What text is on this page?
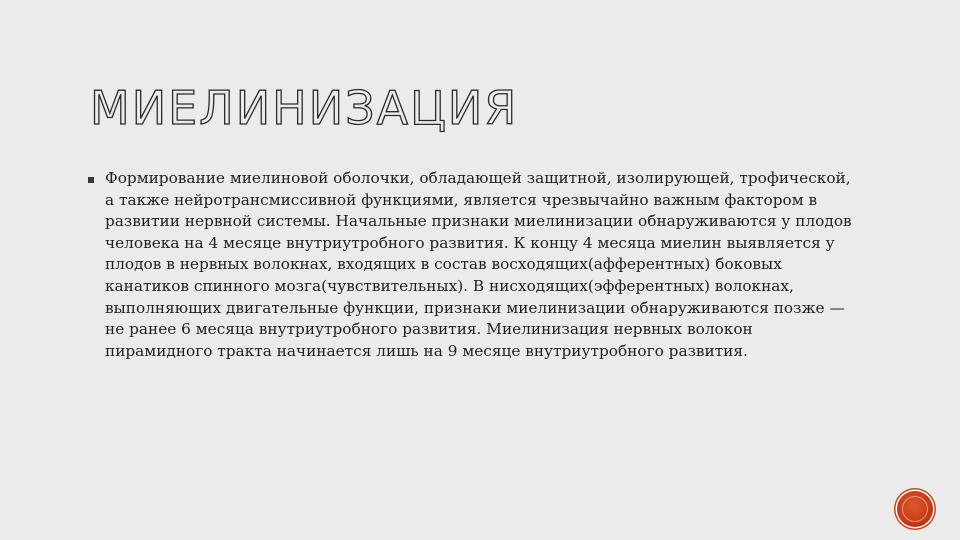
МИЕЛИНИЗАЦИЯ

Формирование миелиновой оболочки, обладающей защитной, изолирующей, трофической, а также нейротрансмиссивной функциями, является чрезвычайно важным фактором в развитии нервной системы. Начальные признаки миелинизации обнаруживаются у плодов человека на 4 месяце внутриутробного развития. К концу 4 месяца миелин выявляется у плодов в нервных волокнах, входящих в состав восходящих(афферентных) боковых канатиков спинного мозга(чувствительных). В нисходящих(эфферентных) волокнах, выполняющих двигательные функции, признаки миелинизации обнаруживаются позже — не ранее 6 месяца внутриутробного развития. Миелинизация нервных волокон пирамидного тракта начинается лишь на 9 месяце внутриутробного развития.
